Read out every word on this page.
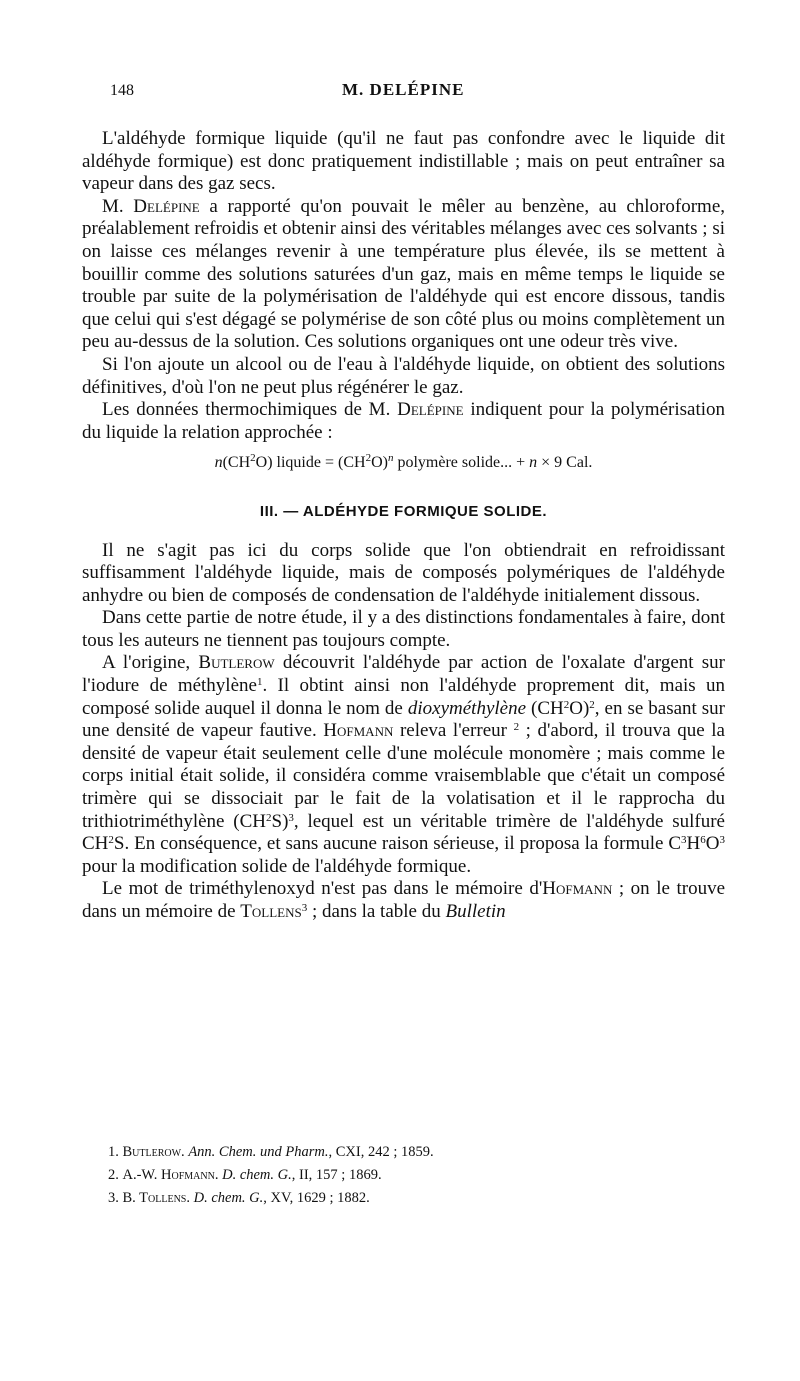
148	M. DELÉPINE

L'aldéhyde formique liquide (qu'il ne faut pas confondre avec le liquide dit aldéhyde formique) est donc pratiquement indistillable ; mais on peut entraîner sa vapeur dans des gaz secs.

M. Delépine a rapporté qu'on pouvait le mêler au benzène, au chloroforme, préalablement refroidis et obtenir ainsi des véritables mélanges avec ces solvants ; si on laisse ces mélanges revenir à une température plus élevée, ils se mettent à bouillir comme des solutions saturées d'un gaz, mais en même temps le liquide se trouble par suite de la polymérisation de l'aldéhyde qui est encore dissous, tandis que celui qui s'est dégagé se polymérise de son côté plus ou moins complètement un peu au-dessus de la solution. Ces solutions organiques ont une odeur très vive.

Si l'on ajoute un alcool ou de l'eau à l'aldéhyde liquide, on obtient des solutions définitives, d'où l'on ne peut plus régénérer le gaz.

Les données thermochimiques de M. Delépine indiquent pour la polymérisation du liquide la relation approchée :

$n(CH^2O)$ liquide = $(CH^2O)^n$ polymère solide... + n × 9 Cal.
III. — ALDÉHYDE FORMIQUE SOLIDE.

Il ne s'agit pas ici du corps solide que l'on obtiendrait en refroidissant suffisamment l'aldéhyde liquide, mais de composés polymériques de l'aldéhyde anhydre ou bien de composés de condensation de l'aldéhyde initialement dissous.

Dans cette partie de notre étude, il y a des distinctions fondamentales à faire, dont tous les auteurs ne tiennent pas toujours compte.

A l'origine, Butlerow découvrit l'aldéhyde par action de l'oxalate d'argent sur l'iodure de méthylène$^1$. Il obtint ainsi non l'aldéhyde proprement dit, mais un composé solide auquel il donna le nom de dioxyméthylène $(CH^2O)^2$, en se basant sur une densité de vapeur fautive. Hofmann releva l'erreur $^2$ ; d'abord, il trouva que la densité de vapeur était seulement celle d'une molécule monomère ; mais comme le corps initial était solide, il considéra comme vraisemblable que c'était un composé trimère qui se dissociait par le fait de la volatisation et il le rapprocha du trithiotriméthylène $(CH^2S)^3$, lequel est un véritable trimère de l'aldéhyde sulfuré $CH^2S$. En conséquence, et sans aucune raison sérieuse, il proposa la formule $C^3H^6O^3$ pour la modification solide de l'aldéhyde formique.

Le mot de triméthylenoxyd n'est pas dans le mémoire d'Hofmann ; on le trouve dans un mémoire de Tollens$^3$ ; dans la table du Bulletin

1. Butlerow. Ann. Chem. und Pharm., CXI, 242 ; 1859.
2. A.-W. Hofmann. D. chem. G., II, 157 ; 1869.
3. B. Tollens. D. chem. G., XV, 1629 ; 1882.
